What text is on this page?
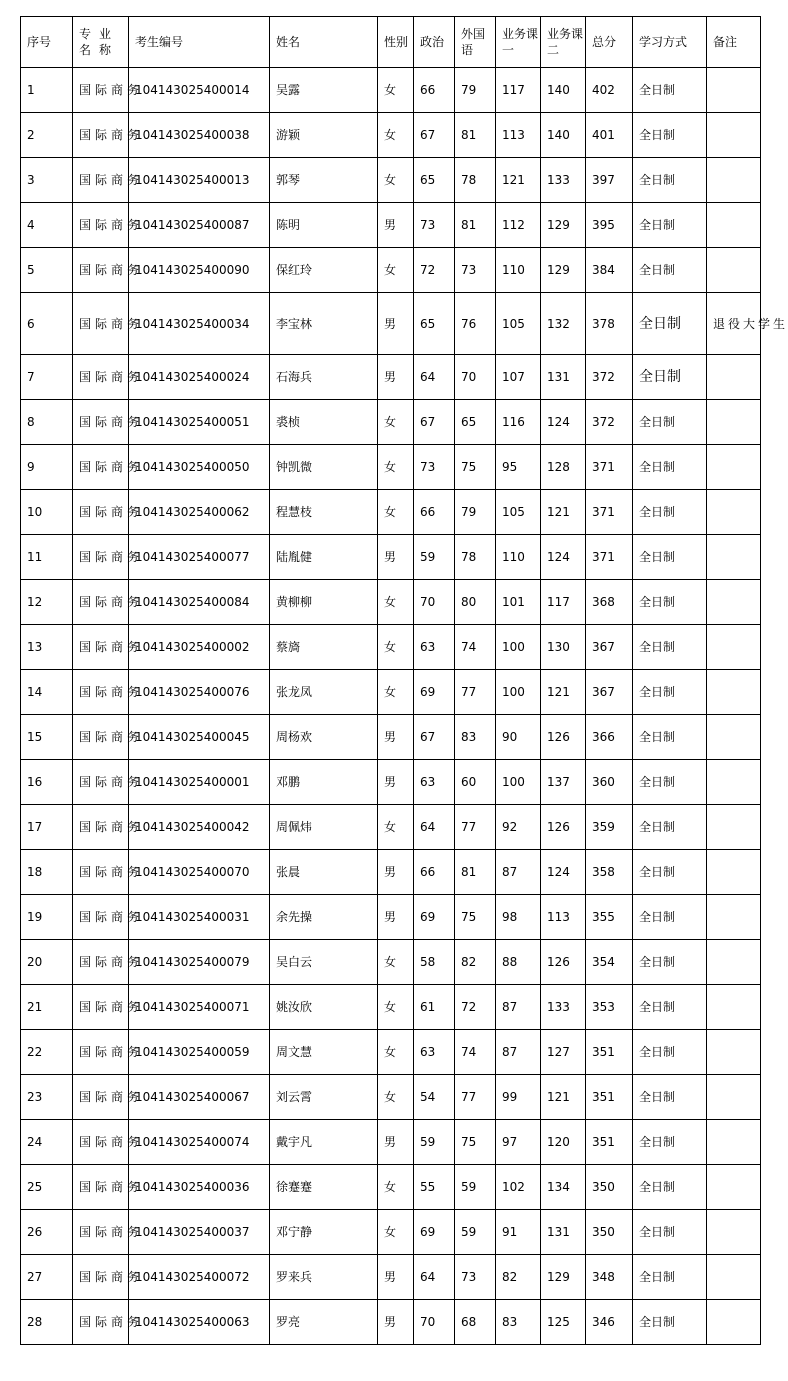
序号	专业名称	考生编号	姓名	性别	政治	外国语	业务课一	业务课二	总分	学习方式	备注
1	国际商务	104143025400014	吴露	女	66	79	117	140	402	全日制	
2	国际商务	104143025400038	游颖	女	67	81	113	140	401	全日制	
3	国际商务	104143025400013	郭琴	女	65	78	121	133	397	全日制	
4	国际商务	104143025400087	陈明	男	73	81	112	129	395	全日制	
5	国际商务	104143025400090	保红玲	女	72	73	110	129	384	全日制	
6	国际商务	104143025400034	李宝林	男	65	76	105	132	378	全日制	退役大学生
7	国际商务	104143025400024	石海兵	男	64	70	107	131	372	全日制	
8	国际商务	104143025400051	裘桢	女	67	65	116	124	372	全日制	
9	国际商务	104143025400050	钟凯微	女	73	75	95	128	371	全日制	
10	国际商务	104143025400062	程慧枝	女	66	79	105	121	371	全日制	
11	国际商务	104143025400077	陆胤健	男	59	78	110	124	371	全日制	
12	国际商务	104143025400084	黄柳柳	女	70	80	101	117	368	全日制	
13	国际商务	104143025400002	蔡旖	女	63	74	100	130	367	全日制	
14	国际商务	104143025400076	张龙凤	女	69	77	100	121	367	全日制	
15	国际商务	104143025400045	周杨欢	男	67	83	90	126	366	全日制	
16	国际商务	104143025400001	邓鹏	男	63	60	100	137	360	全日制	
17	国际商务	104143025400042	周佩炜	女	64	77	92	126	359	全日制	
18	国际商务	104143025400070	张晨	男	66	81	87	124	358	全日制	
19	国际商务	104143025400031	余先操	男	69	75	98	113	355	全日制	
20	国际商务	104143025400079	吴白云	女	58	82	88	126	354	全日制	
21	国际商务	104143025400071	姚汝欣	女	61	72	87	133	353	全日制	
22	国际商务	104143025400059	周文慧	女	63	74	87	127	351	全日制	
23	国际商务	104143025400067	刘云霄	女	54	77	99	121	351	全日制	
24	国际商务	104143025400074	戴宇凡	男	59	75	97	120	351	全日制	
25	国际商务	104143025400036	徐蹇蹇	女	55	59	102	134	350	全日制	
26	国际商务	104143025400037	邓宁静	女	69	59	91	131	350	全日制	
27	国际商务	104143025400072	罗来兵	男	64	73	82	129	348	全日制	
28	国际商务	104143025400063	罗亮	男	70	68	83	125	346	全日制	
